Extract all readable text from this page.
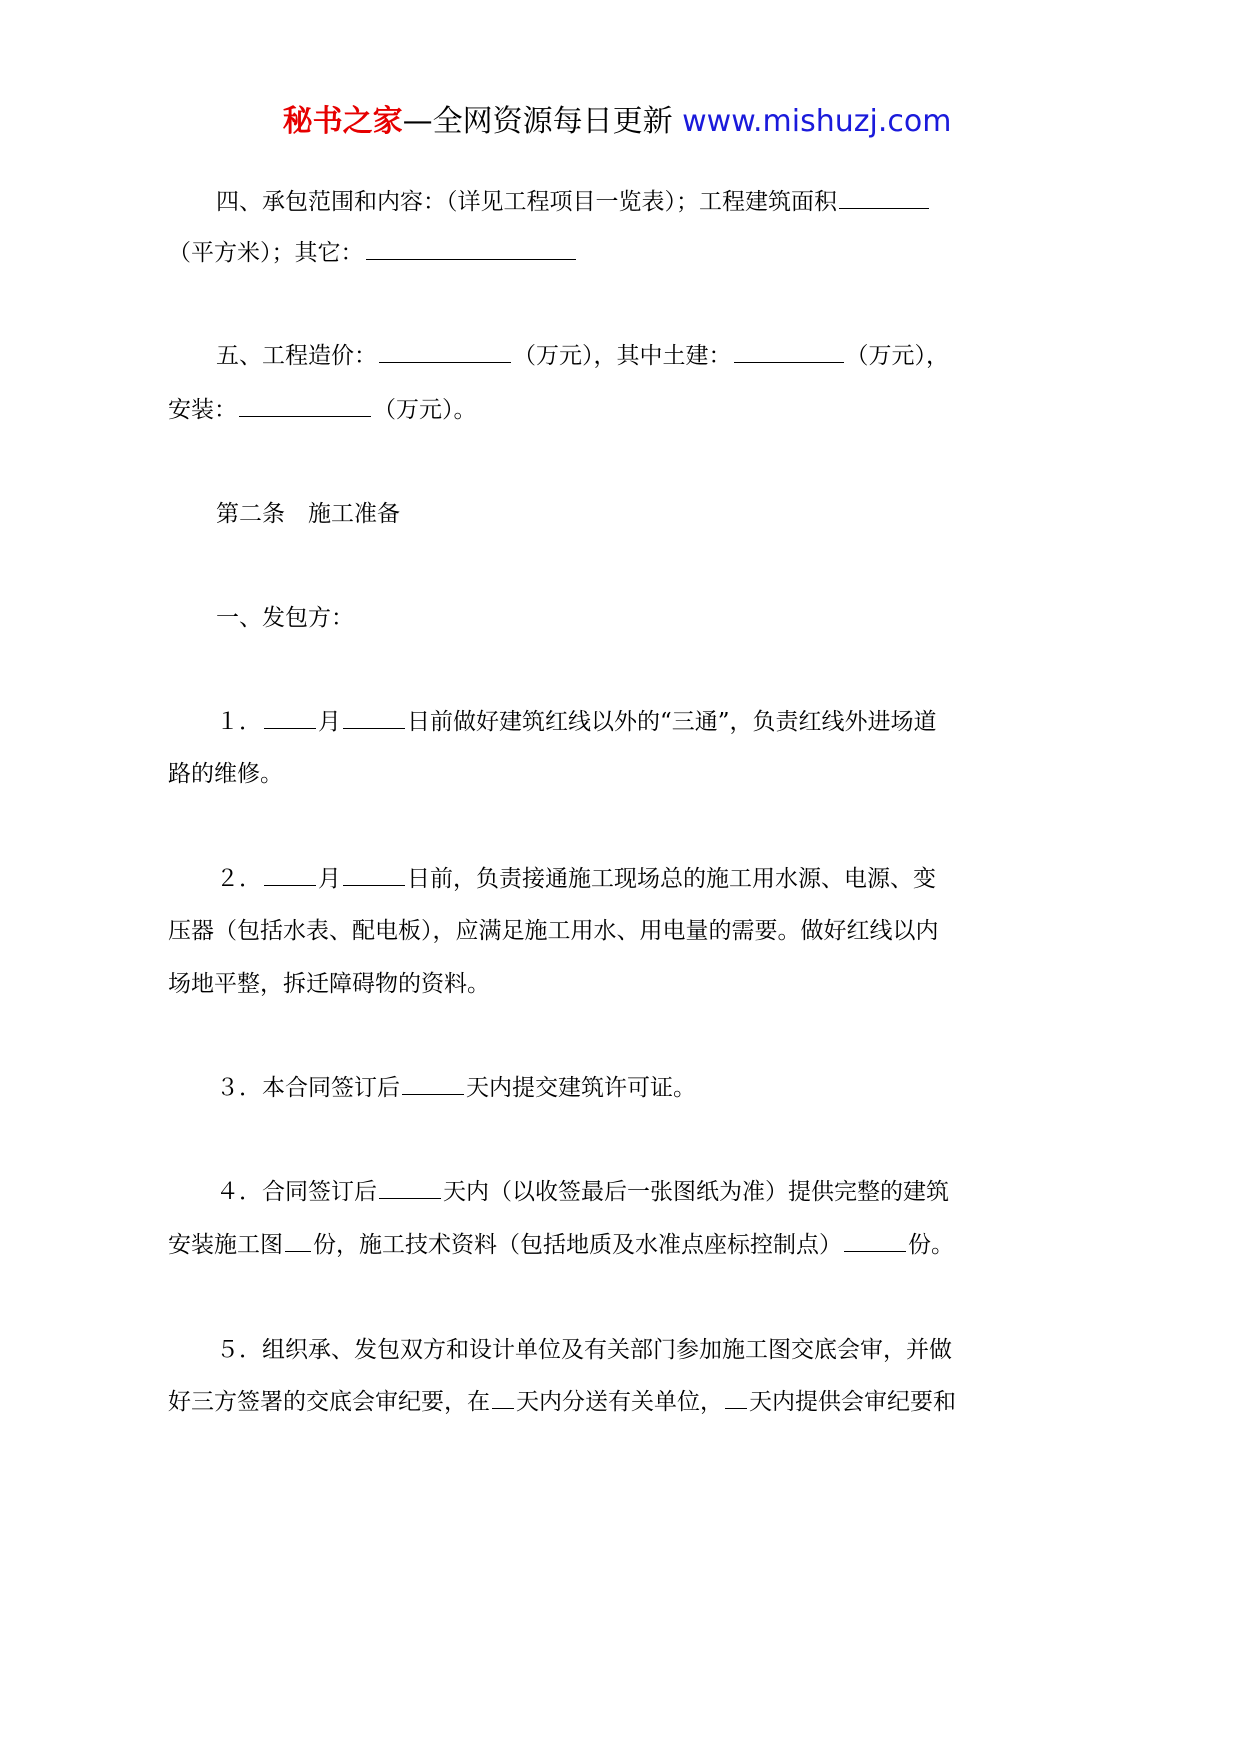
秘书之家—全网资源每日更新 www.mishuzj.com
四、承包范围和内容：（详见工程项目一览表）；工程建筑面积
（平方米）；其它：
五、工程造价：	（万元），其中土建：	（万元），
安装：	（万元）。
第二条　施工准备
一、发包方：
１． 月	日前做好建筑红线以外的“三通”，负责红线外进场道
路的维修。
２． 月	日前，负责接通施工现场总的施工用水源、电源、变
压器（包括水表、配电板），应满足施工用水、用电量的需要。做好红线以内
场地平整，拆迁障碍物的资料。
３．本合同签订后	天内提交建筑许可证。
４．合同签订后	天内（以收签最后一张图纸为准）提供完整的建筑
安装施工图 份，施工技术资料（包括地质及水准点座标控制点）	份。
５．组织承、发包双方和设计单位及有关部门参加施工图交底会审，并做
好三方签署的交底会审纪要，在 天内分送有关单位， 天内提供会审纪要和
